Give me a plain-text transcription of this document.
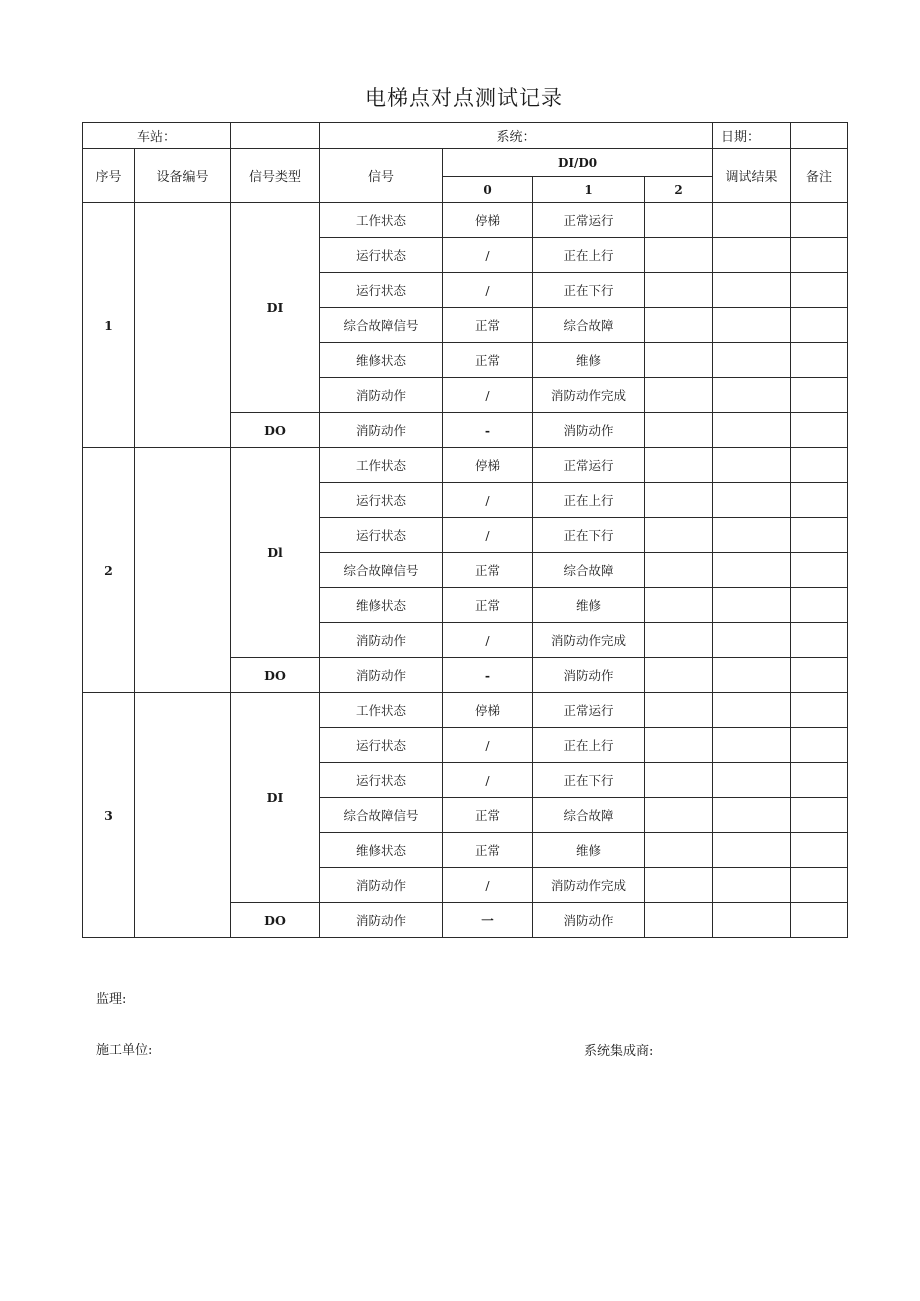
电梯点对点测试记录
车站：			系统：				日期：	
序号	设备编号	信号类型	信号	DI/D0			调试结果	备注
				0	1	2		
1		DI	工作状态	停梯	正常运行			
			运行状态	/	正在上行			
			运行状态	/	正在下行			
			综合故障信号	正常	综合故障			
			维修状态	正常	维修			
			消防动作	/	消防动作完成			
		DO	消防动作	-	消防动作			
2		Dl	工作状态	停梯	正常运行			
			运行状态	/	正在上行			
			运行状态	/	正在下行			
			综合故障信号	正常	综合故障			
			维修状态	正常	维修			
			消防动作	/	消防动作完成			
		DO	消防动作	-	消防动作			
3		DI	工作状态	停梯	正常运行			
			运行状态	/	正在上行			
			运行状态	/	正在下行			
			综合故障信号	正常	综合故障			
			维修状态	正常	维修			
			消防动作	/	消防动作完成			
		DO	消防动作	一	消防动作			
监理:
施工单位:	系统集成商:
